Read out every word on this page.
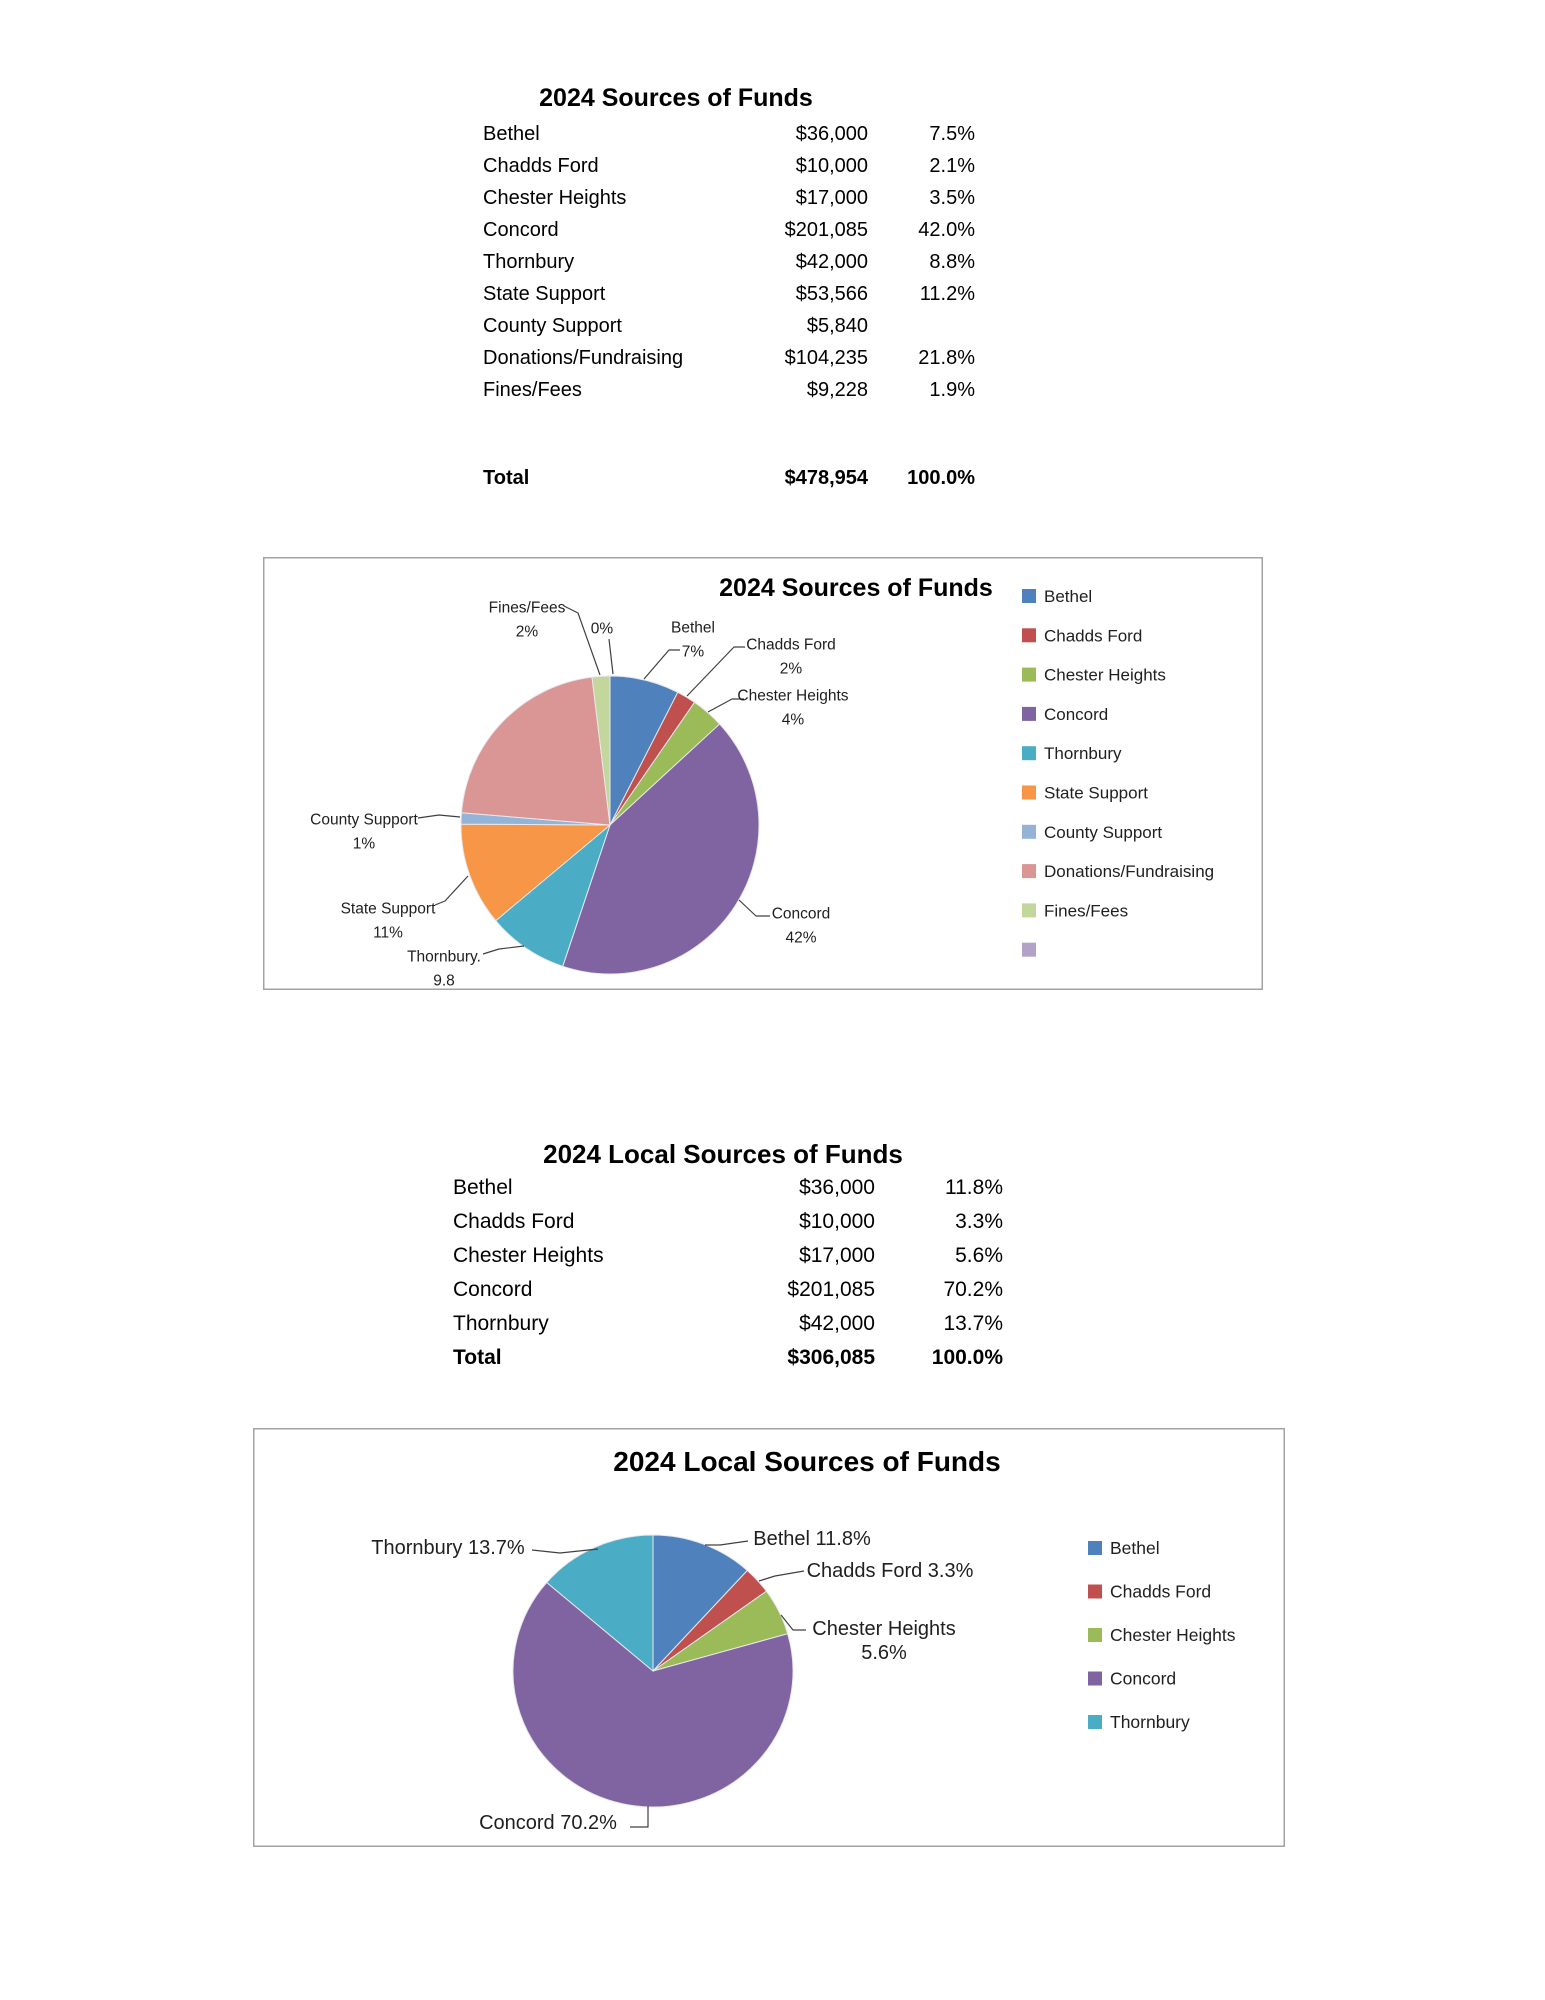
2024 Sources of Funds
Bethel	$36,000	7.5%
Chadds Ford	$10,000	2.1%
Chester Heights	$17,000	3.5%
Concord	$201,085	42.0%
Thornbury	$42,000	8.8%
State Support	$53,566	11.2%
County Support	$5,840
Donations/Fundraising	$104,235	21.8%
Fines/Fees	$9,228	1.9%
Total	$478,954	100.0%
2024 Sources of Funds
Fines/Fees
2%	0%	Bethel
7%	Chadds Ford
2%
Chester Heights
4%
Concord
42%
Thornbury.
9.8
State Support
11%
County Support
1%
Bethel
Chadds Ford
Chester Heights
Concord
Thornbury
State Support
County Support
Donations/Fundraising
Fines/Fees
2024 Local Sources of Funds
Bethel	$36,000	11.8%
Chadds Ford	$10,000	3.3%
Chester Heights	$17,000	5.6%
Concord	$201,085	70.2%
Thornbury	$42,000	13.7%
Total	$306,085	100.0%
2024 Local Sources of Funds
Thornbury 13.7%	Bethel 11.8%
Chadds Ford 3.3%
Chester Heights
5.6%
Concord 70.2%
Bethel
Chadds Ford
Chester Heights
Concord
Thornbury
